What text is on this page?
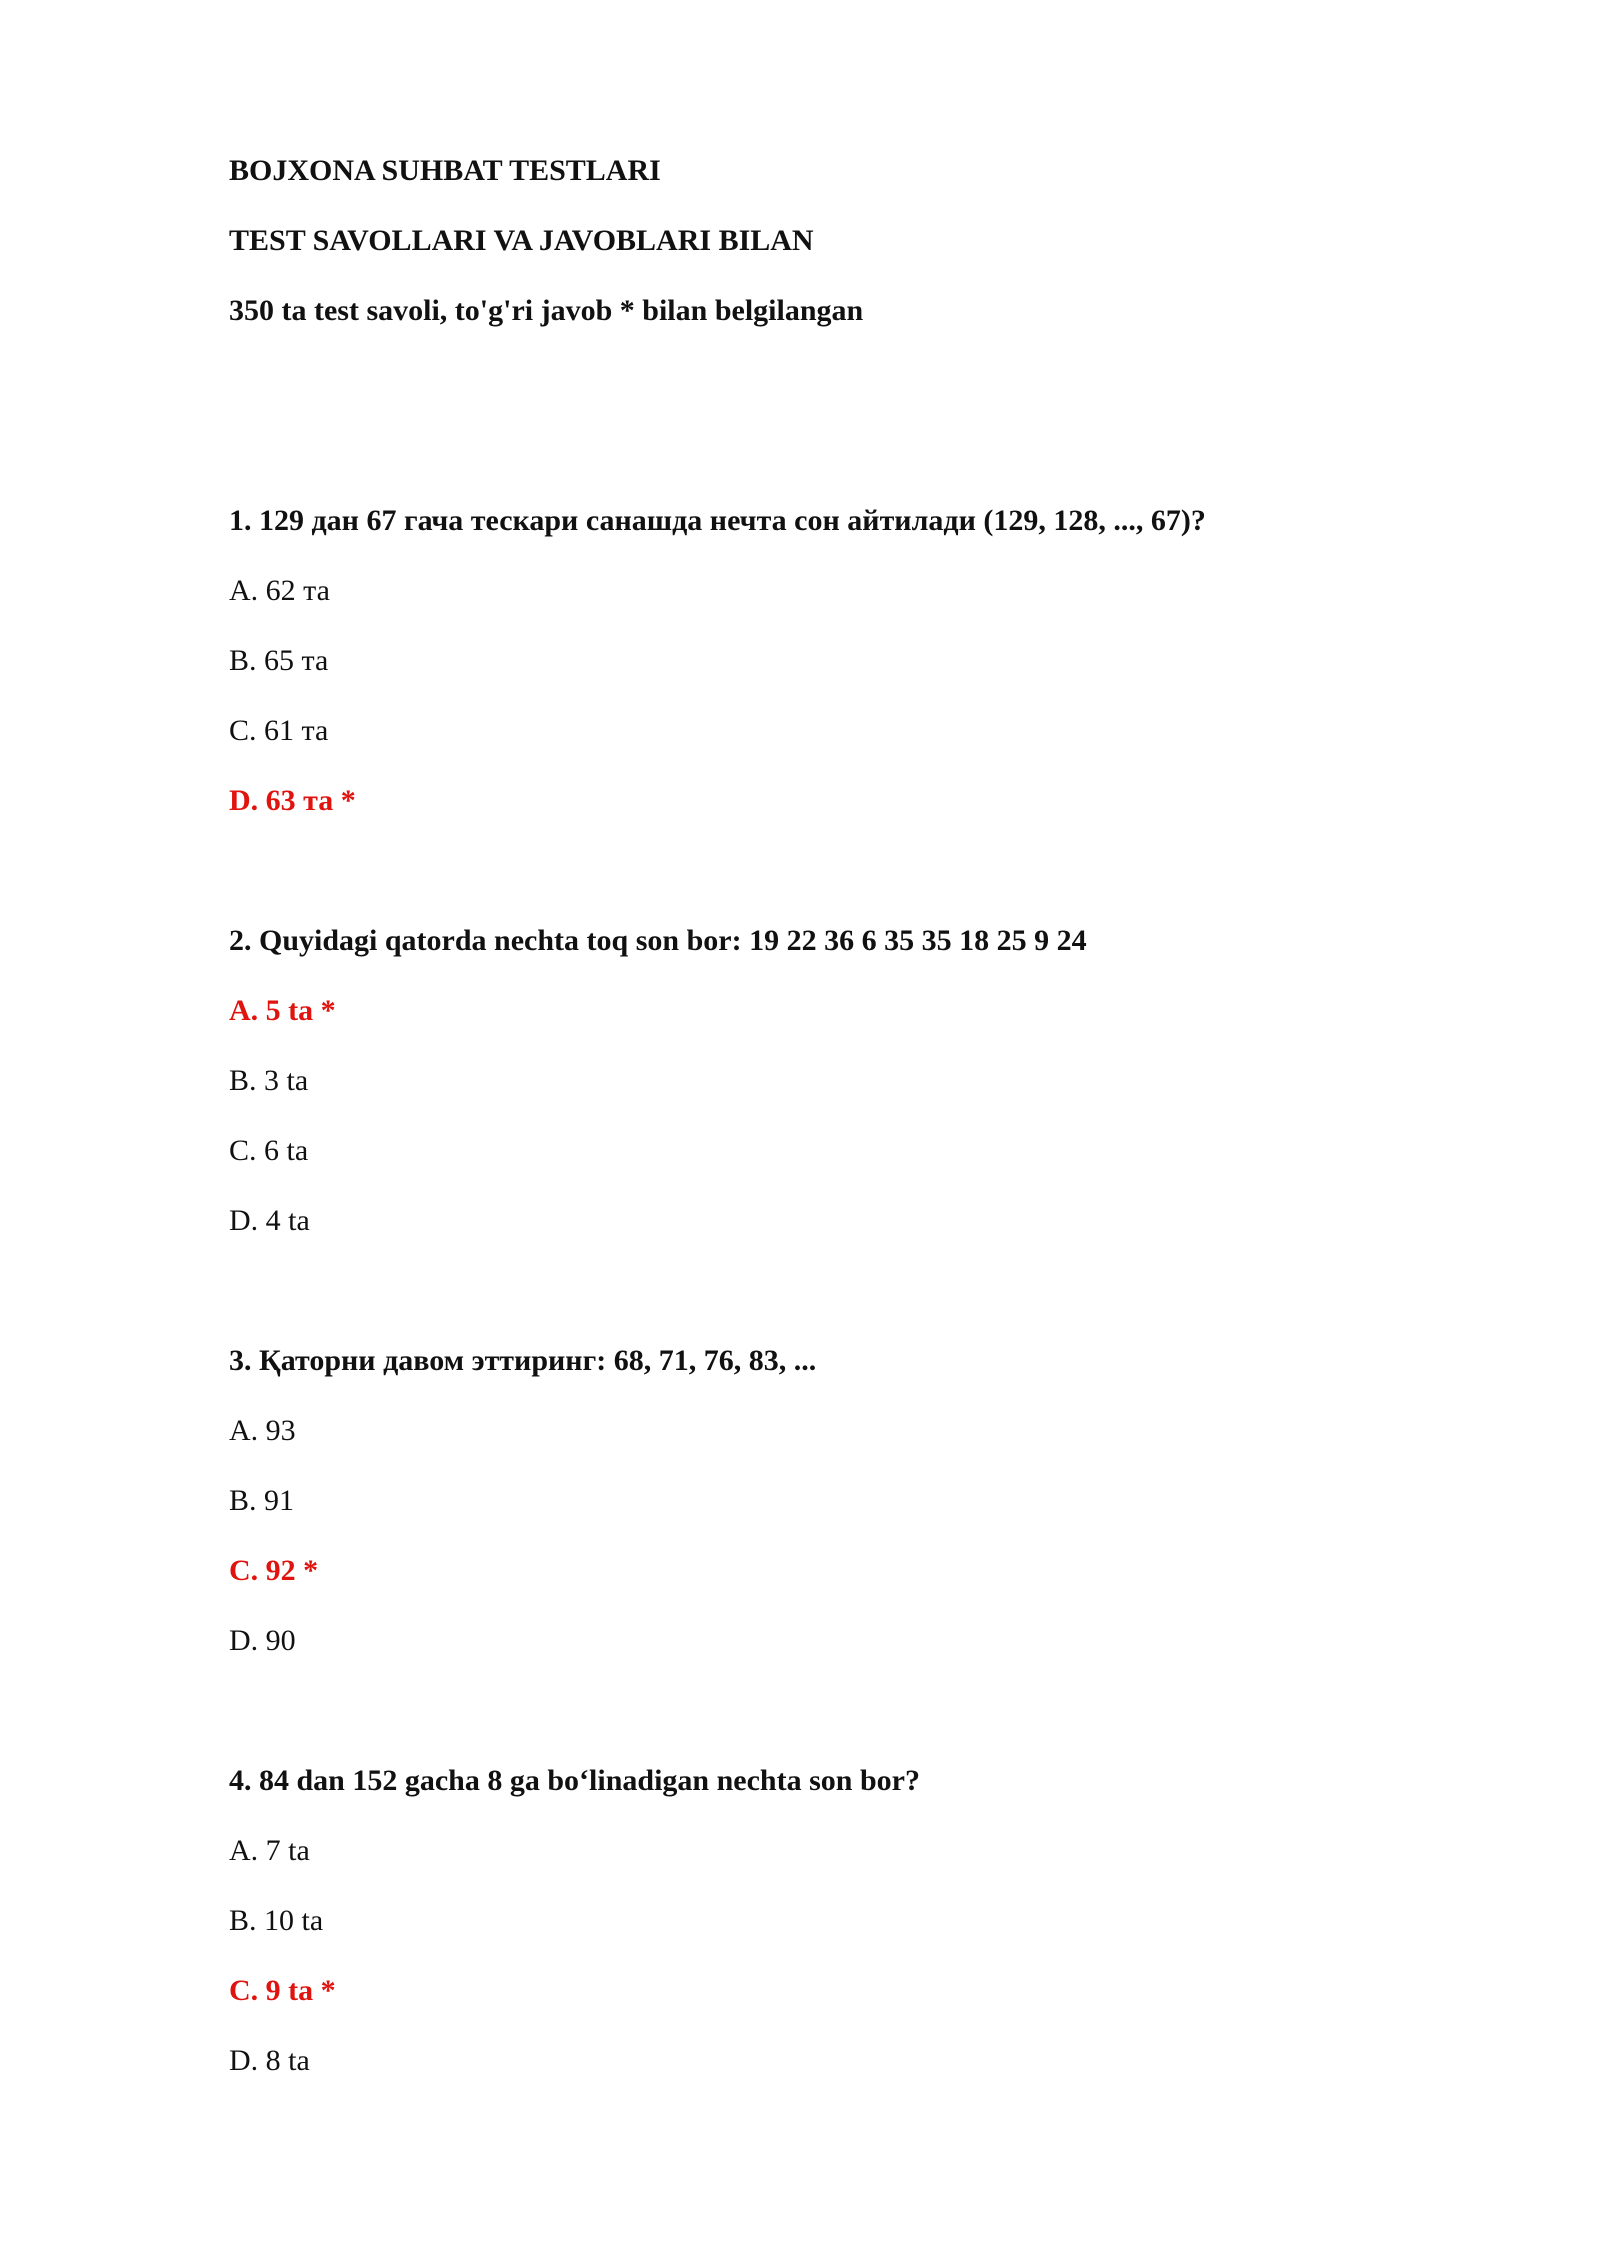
BOJXONA SUHBAT TESTLARI
TEST SAVOLLARI VA JAVOBLARI BILAN
350 ta test savoli, to'g'ri javob * bilan belgilangan
1. 129 дан 67 гача тескари санашда нечта сон айтилади (129, 128, ..., 67)?
A. 62 та
B. 65 та
C. 61 та
D. 63 та *
2. Quyidagi qatorda nechta toq son bor: 19 22 36 6 35 35 18 25 9 24
A. 5 ta *
B. 3 ta
C. 6 ta
D. 4 ta
3. Қаторни давом эттиринг: 68, 71, 76, 83, ...
A. 93
B. 91
C. 92 *
D. 90
4. 84 dan 152 gacha 8 ga bo‘linadigan nechta son bor?
A. 7 ta
B. 10 ta
C. 9 ta *
D. 8 ta
